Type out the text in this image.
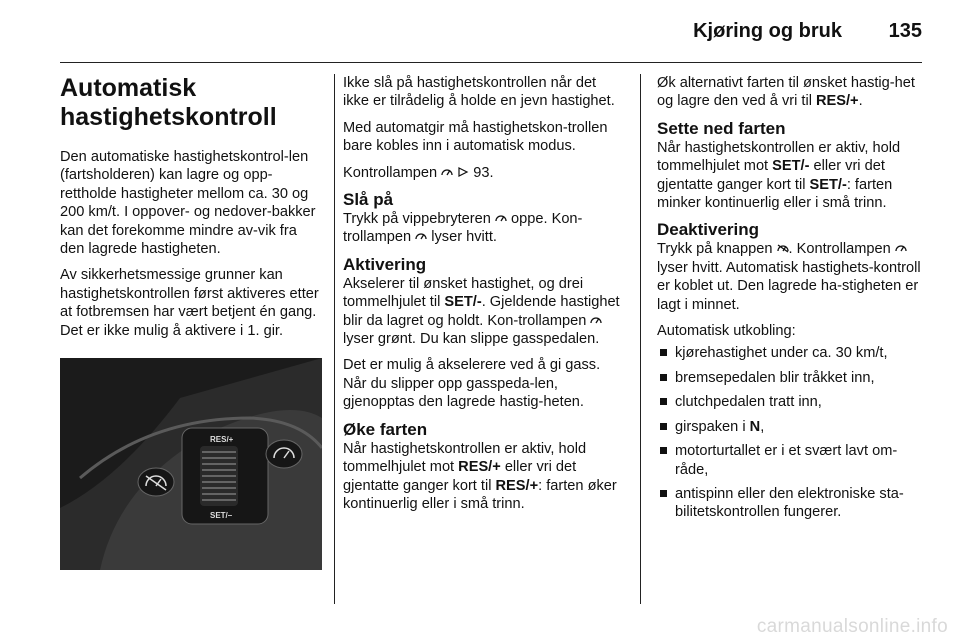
Kjøring og bruk 135
Automatisk hastighetskontroll

Den automatiske hastighetskontrol-len (fartsholderen) kan lagre og opp-rettholde hastigheter mellom ca. 30 og 200 km/t. I oppover- og nedover-bakker kan det forekomme mindre av-vik fra den lagrede hastigheten.

Av sikkerhetsmessige grunner kan hastighetskontrollen først aktiveres etter at fotbremsen har vært betjent én gang. Det er ikke mulig å aktivere i 1. gir.

RES/+
SET/–

Ikke slå på hastighetskontrollen når det ikke er tilrådelig å holde en jevn hastighet.

Med automatgir må hastighetskon-trollen bare kobles inn i automatisk modus.

Kontrollampen   93.

Slå på

Trykk på vippebryteren  oppe. Kon-trollampen  lyser hvitt.

Aktivering

Akselerer til ønsket hastighet, og drei tommelhjulet til SET/-. Gjeldende hastighet blir da lagret og holdt. Kon-trollampen  lyser grønt. Du kan slippe gasspedalen.

Det er mulig å akselerere ved å gi gass. Når du slipper opp gasspeda-len, gjenopptas den lagrede hastig-heten.

Øke farten

Når hastighetskontrollen er aktiv, hold tommelhjulet mot RES/+ eller vri det gjentatte ganger kort til RES/+: farten øker kontinuerlig eller i små trinn.

Øk alternativt farten til ønsket hastig-het og lagre den ved å vri til RES/+.

Sette ned farten

Når hastighetskontrollen er aktiv, hold tommelhjulet mot SET/- eller vri det gjentatte ganger kort til SET/-: farten minker kontinuerlig eller i små trinn.

Deaktivering

Trykk på knappen . Kontrollampen  lyser hvitt. Automatisk hastighets-kontroll er koblet ut. Den lagrede ha-stigheten er lagt i minnet.

Automatisk utkobling:

kjørehastighet under ca. 30 km/t,
bremsepedalen blir tråkket inn,
clutchpedalen tratt inn,
girspaken i N,
motorturtallet er i et svært lavt om-råde,
antispinn eller den elektroniske sta-bilitetskontrollen fungerer.
carmanualsonline.info
